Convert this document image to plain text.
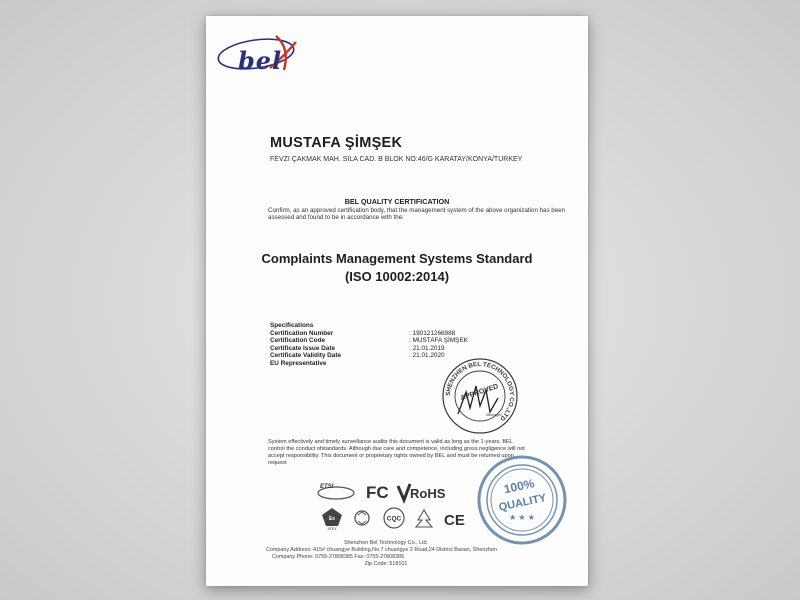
bel
MUSTAFA ŞİMŞEK
FEVZI ÇAKMAK MAH. SILA CAD. B BLOK NO:46/G KARATAY/KONYA/TURKEY
BEL QUALITY CERTIFICATION
Confirm, as an approved certification body, that the management system of the above organization has been assessed and found to be in accordance with the:
Complaints Management Systems Standard
(ISO 10002:2014)
Specifications
Certification Number
Certification Code
Certificate Issue Date
Certificate Validity Date
EU Representative
: 190121266988
: MUSTAFA ŞİMŞEK
: 21.01.2019
: 21.01.2020
SHENZHEN BEL TECHNOLOGY CO.,LTD
APPROVED
Manager
System effectively and timely surveillance audits this document is valid as long as the 1-years. BEL control the conduct ofstandards. Although due care and competence, including gross negligence will not accept responsibility. This document or proprietary rights owned by BEL and must be returned upon request
100%
QUALITY
★ ★ ★
ETSI FC RoHS
Ex
ATEX
CQC	CE
Shenzhen Bel Technology Co., Ltd.
Company Address: 415# chuangye Building,No.7 chuangye 2 Road,24 District Baoan, Shenzhen
Company Phone: 0755-27808385 Fax: 0755-27808385
Zip Code: 518101
